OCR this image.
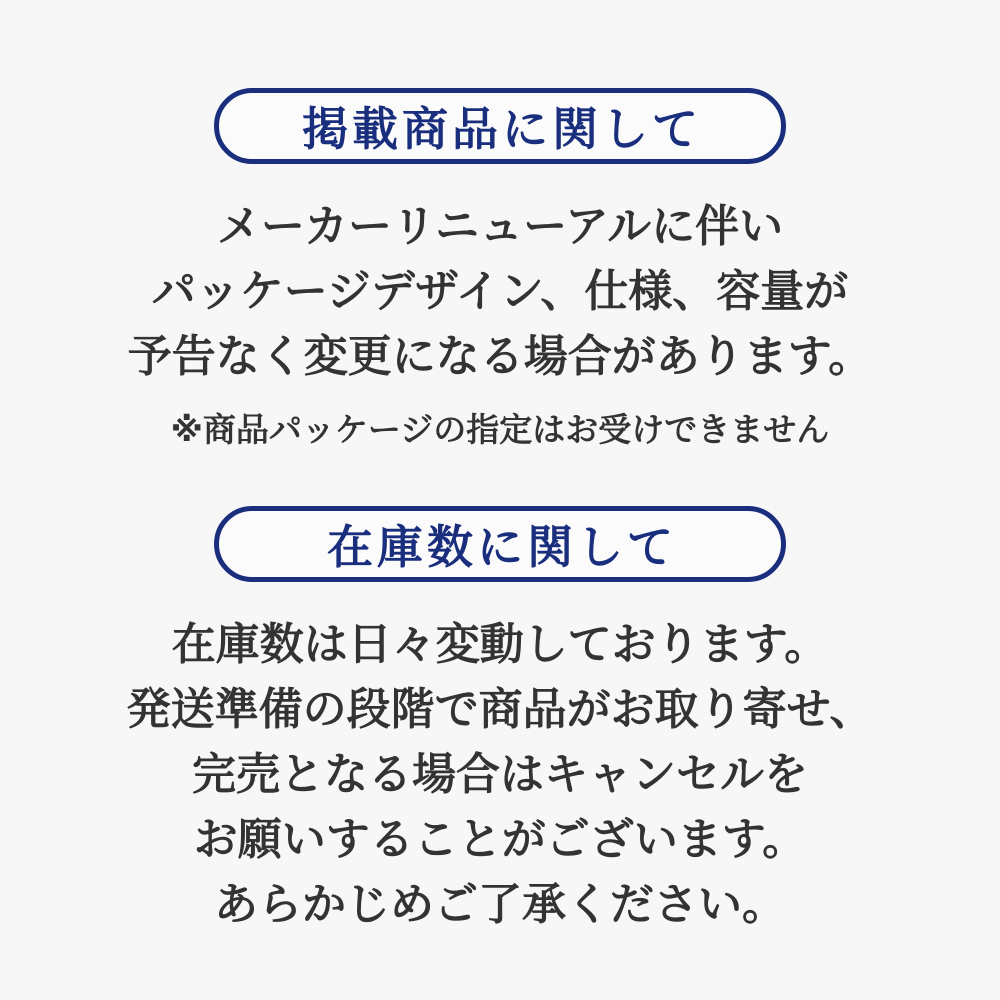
掲載商品に関して
メーカーリニューアルに伴い
パッケージデザイン、仕様、容量が
予告なく変更になる場合があります。
※商品パッケージの指定はお受けできません
在庫数に関して
在庫数は日々変動しております。
発送準備の段階で商品がお取り寄せ、
完売となる場合はキャンセルを
お願いすることがございます。
あらかじめご了承ください。
